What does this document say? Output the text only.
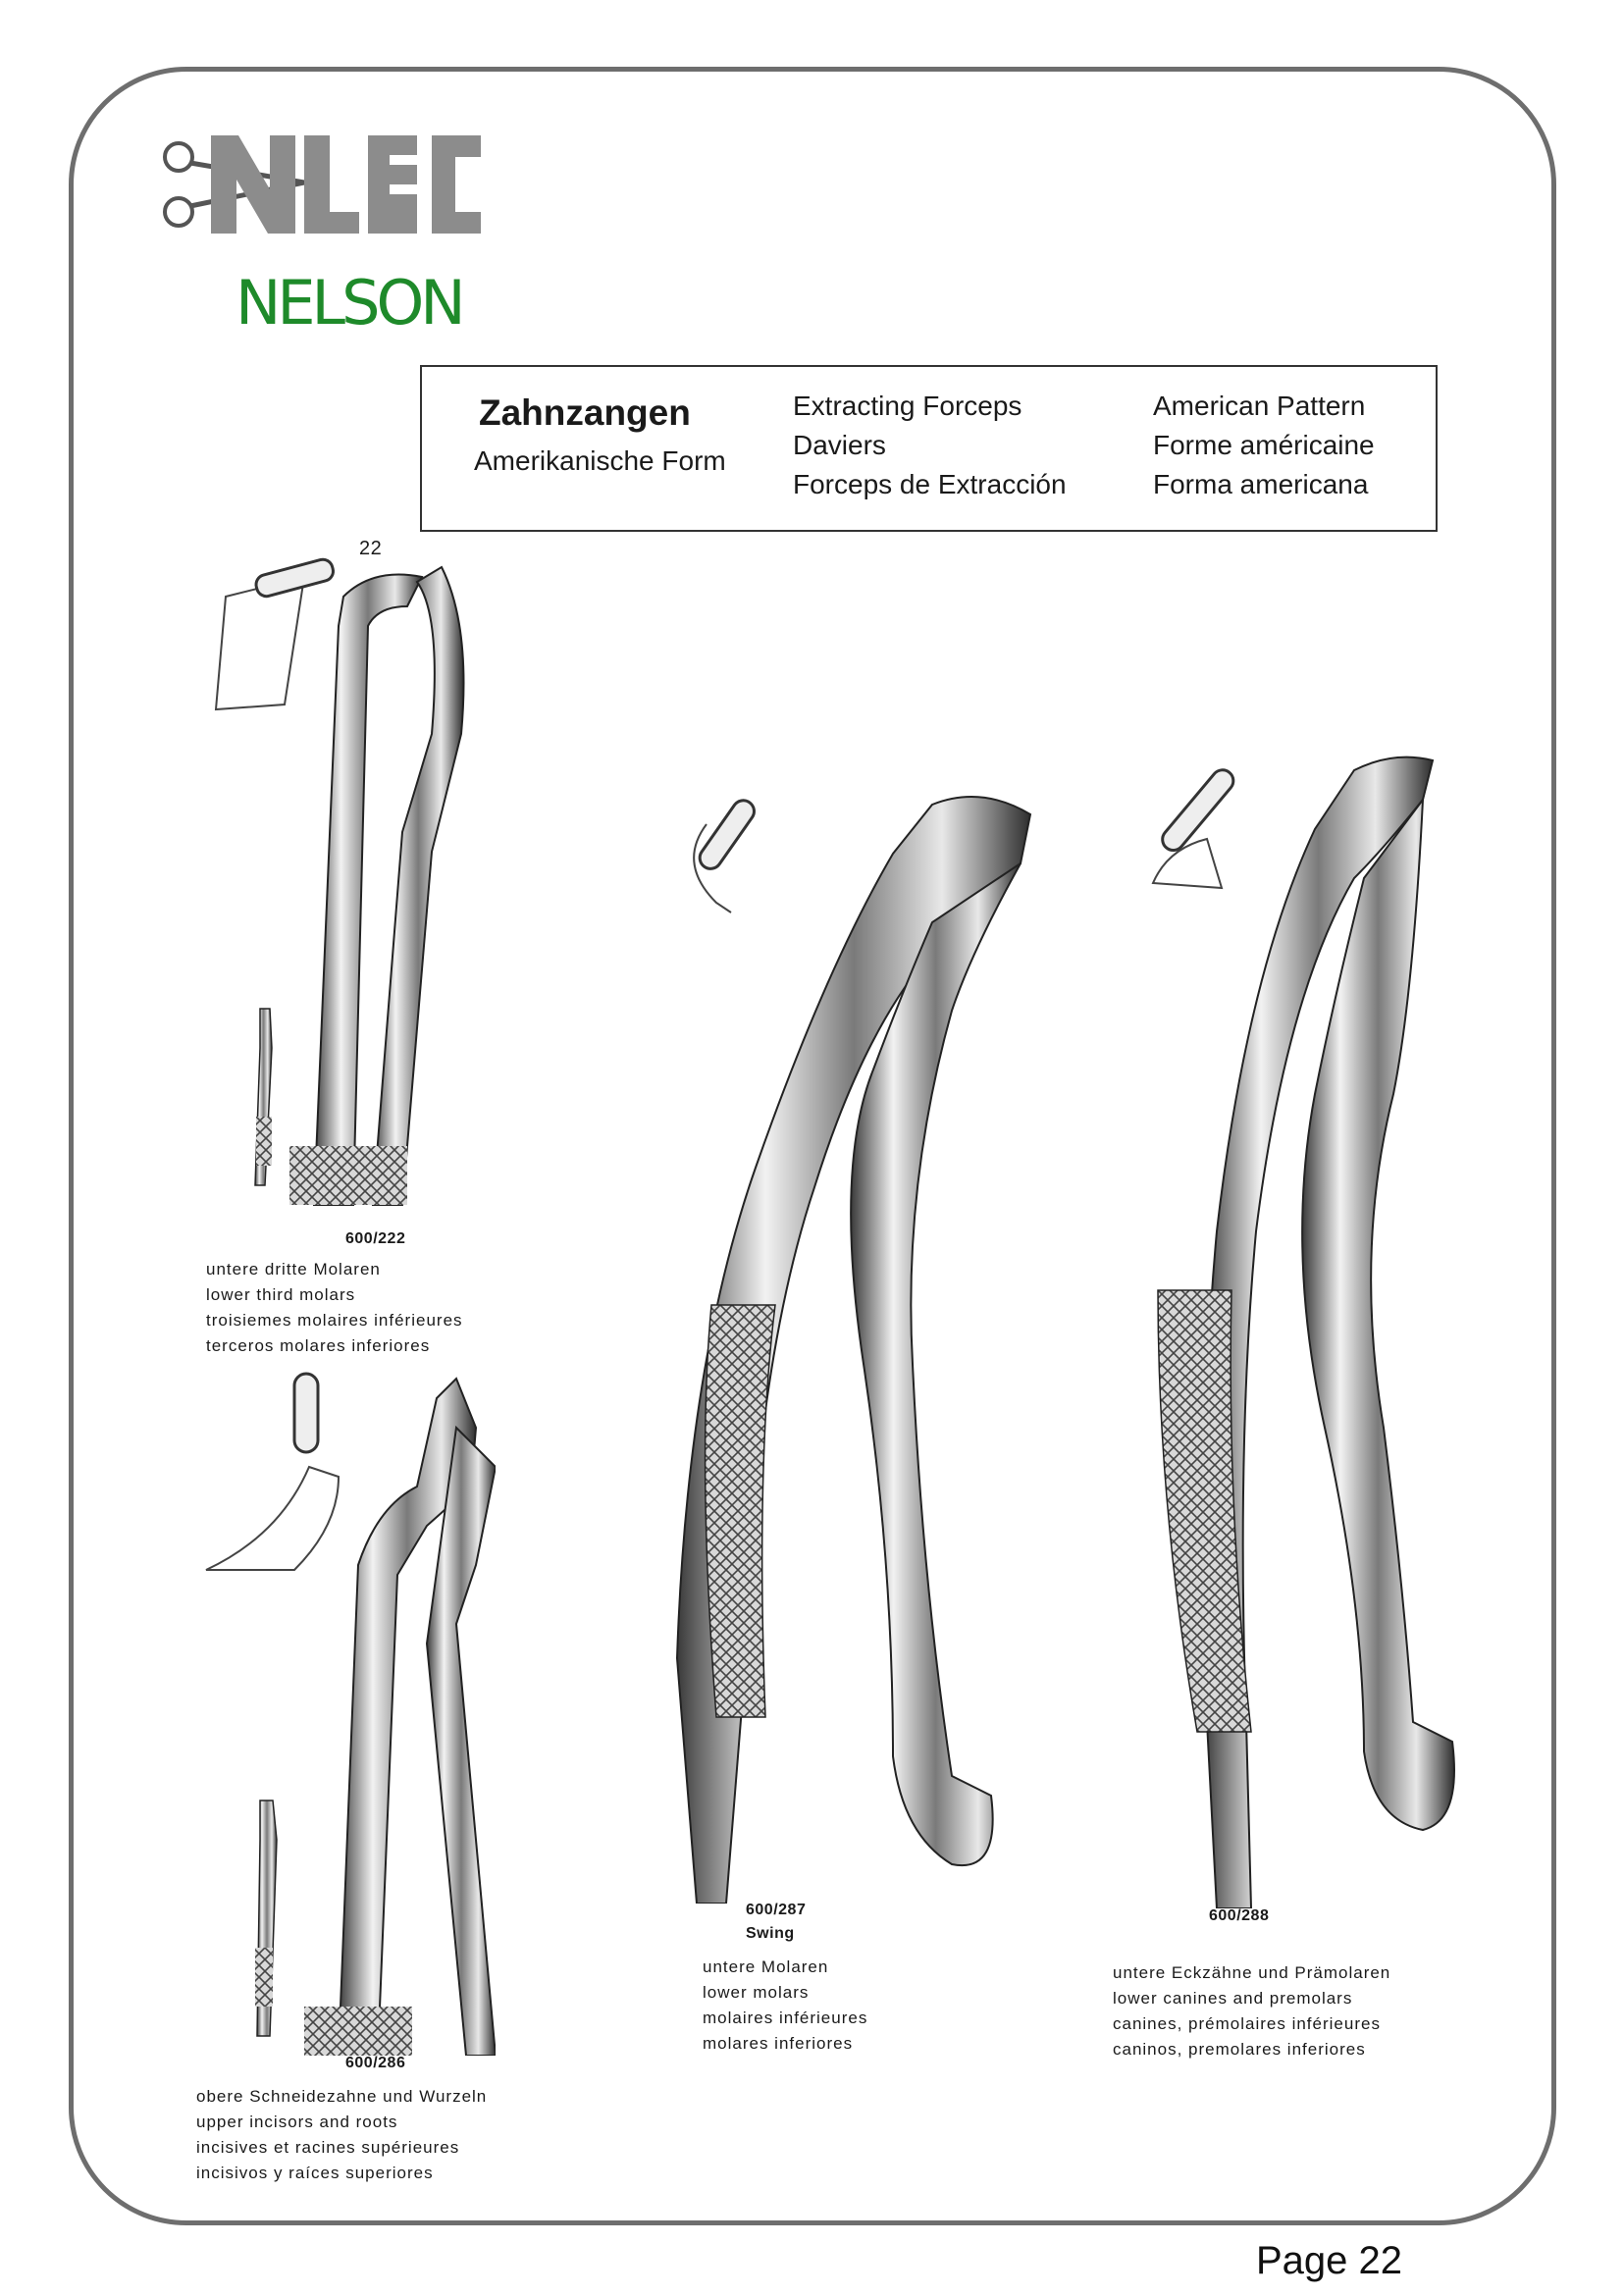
NELSON
Zahnzangen
Amerikanische Form
Extracting Forceps
Daviers
Forceps de Extracción
American Pattern
Forme américaine
Forma americana
22
600/222
untere dritte Molaren
lower third molars
troisiemes molaires inférieures
terceros molares inferiores
600/286
obere Schneidezahne und Wurzeln
upper incisors and roots
incisives et racines supérieures
incisivos y raíces superiores
600/287
Swing
untere Molaren
lower molars
molaires inférieures
molares inferiores
600/288
untere Eckzähne und Prämolaren
lower canines and premolars
canines, prémolaires inférieures
caninos, premolares inferiores
Page 22
